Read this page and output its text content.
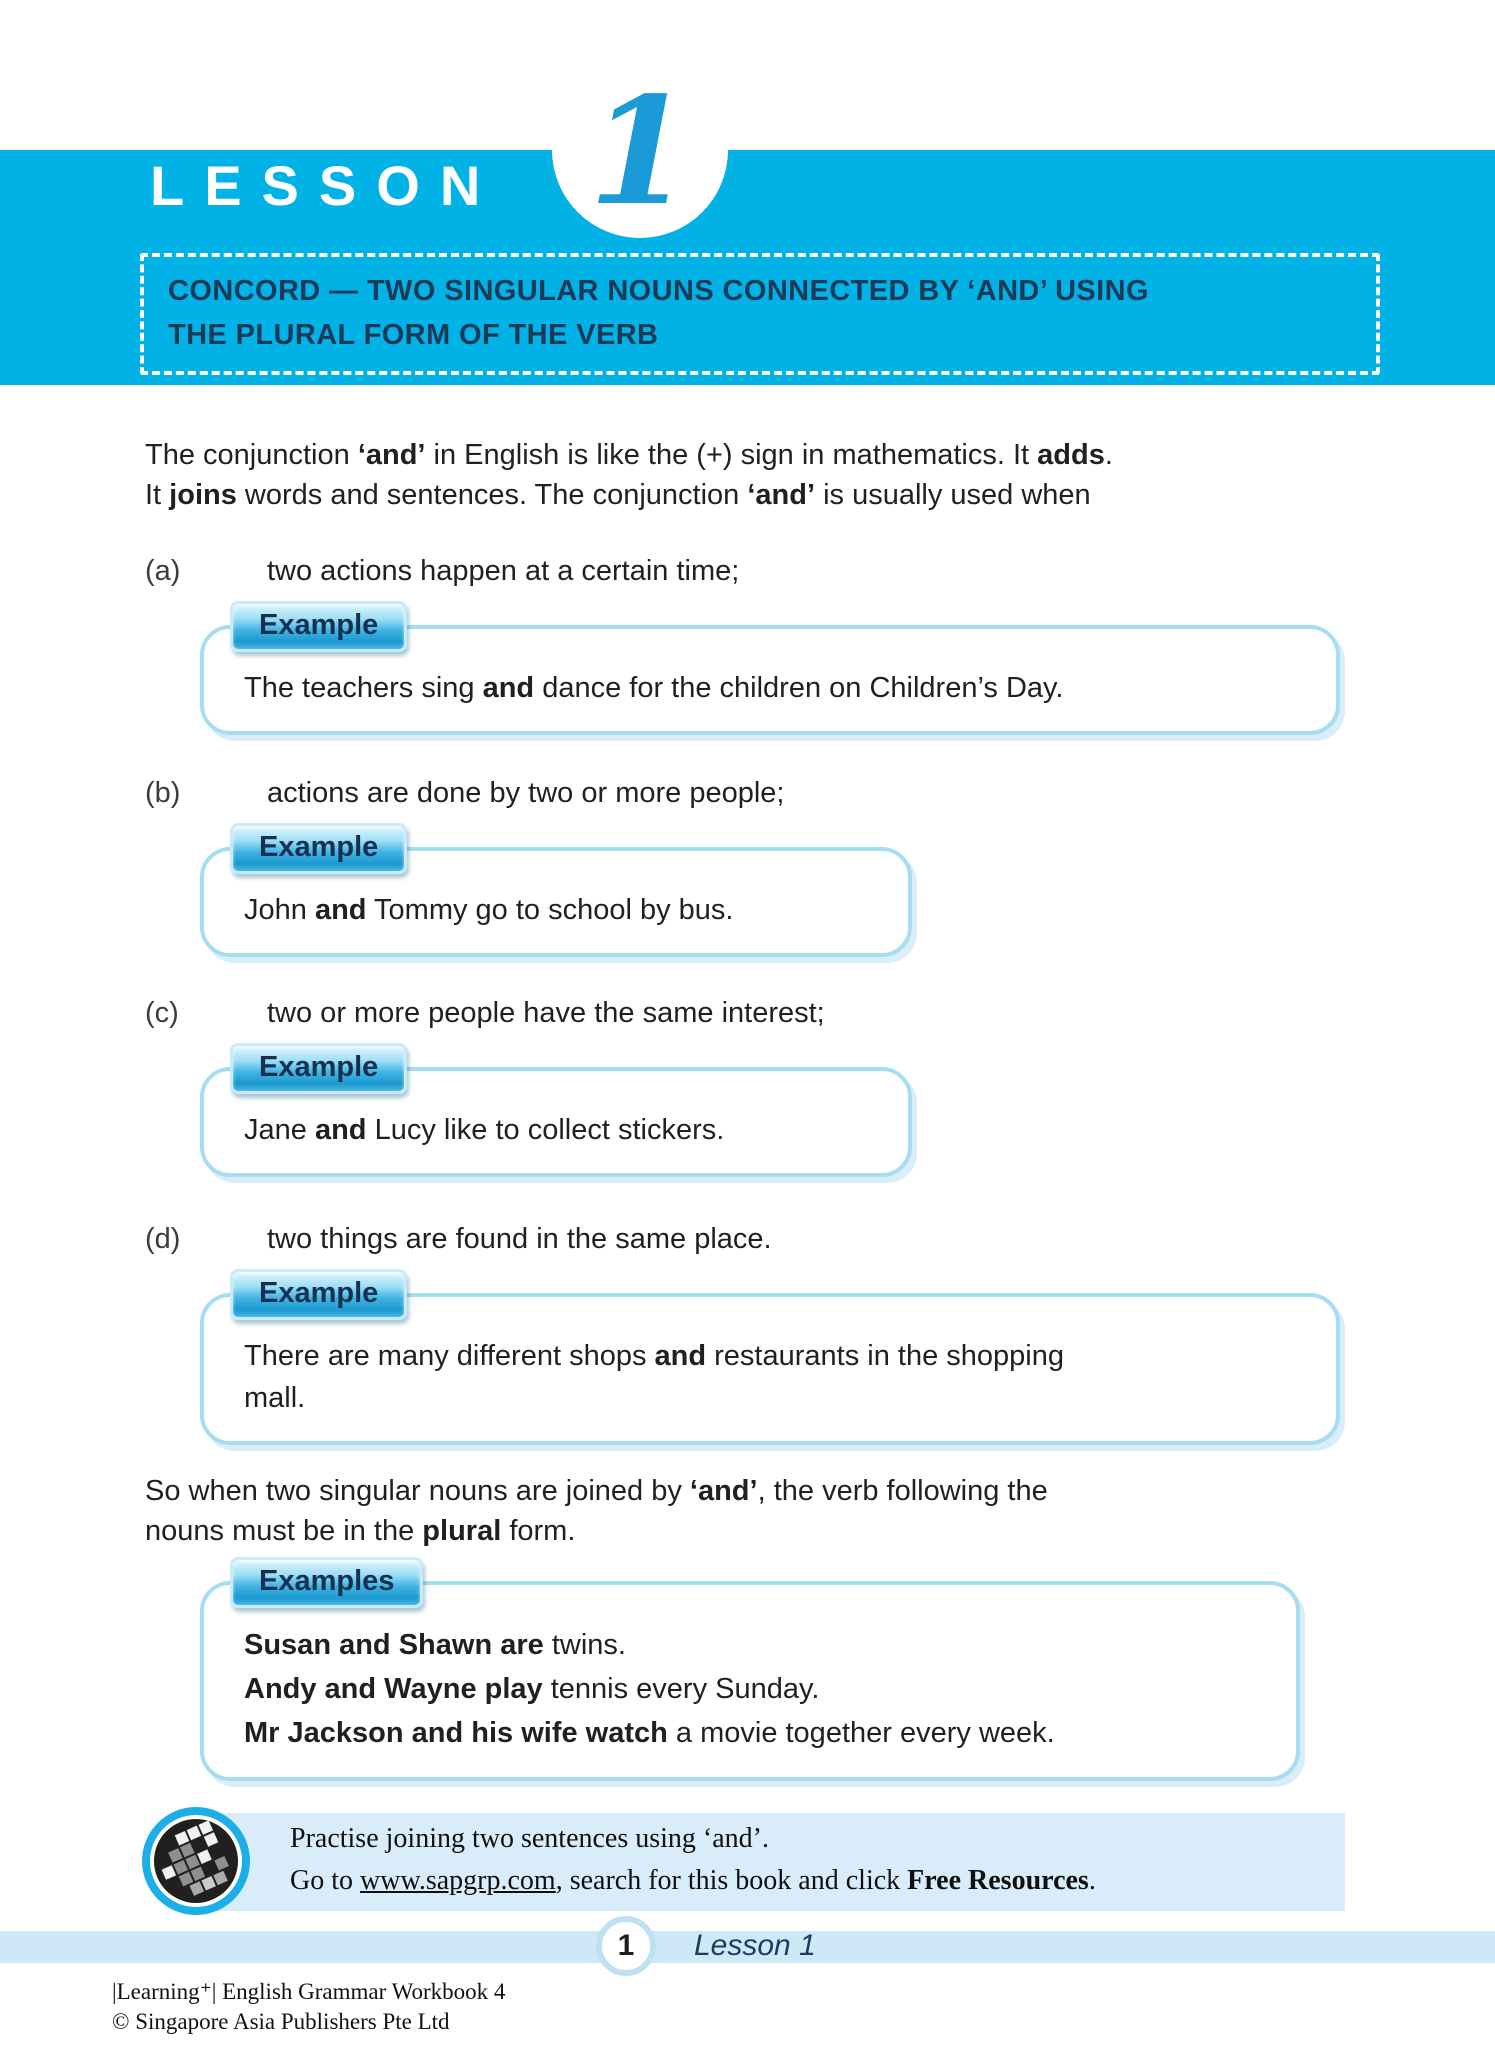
LESSON 1
CONCORD — TWO SINGULAR NOUNS CONNECTED BY ‘AND’ USING
THE PLURAL FORM OF THE VERB
The conjunction ‘and’ in English is like the (+) sign in mathematics. It adds.
It joins words and sentences. The conjunction ‘and’ is usually used when
(a)	two actions happen at a certain time;
Example
The teachers sing and dance for the children on Children’s Day.
(b)	actions are done by two or more people;
Example
John and Tommy go to school by bus.
(c)	two or more people have the same interest;
Example
Jane and Lucy like to collect stickers.
(d)	two things are found in the same place.
Example
There are many different shops and restaurants in the shopping
mall.
So when two singular nouns are joined by ‘and’, the verb following the
nouns must be in the plural form.
Examples
Susan and Shawn are twins.
Andy and Wayne play tennis every Sunday.
Mr Jackson and his wife watch a movie together every week.
Practise joining two sentences using ‘and’.
Go to www.sapgrp.com, search for this book and click Free Resources.
1	Lesson 1
|Learning⁺| English Grammar Workbook 4
© Singapore Asia Publishers Pte Ltd
